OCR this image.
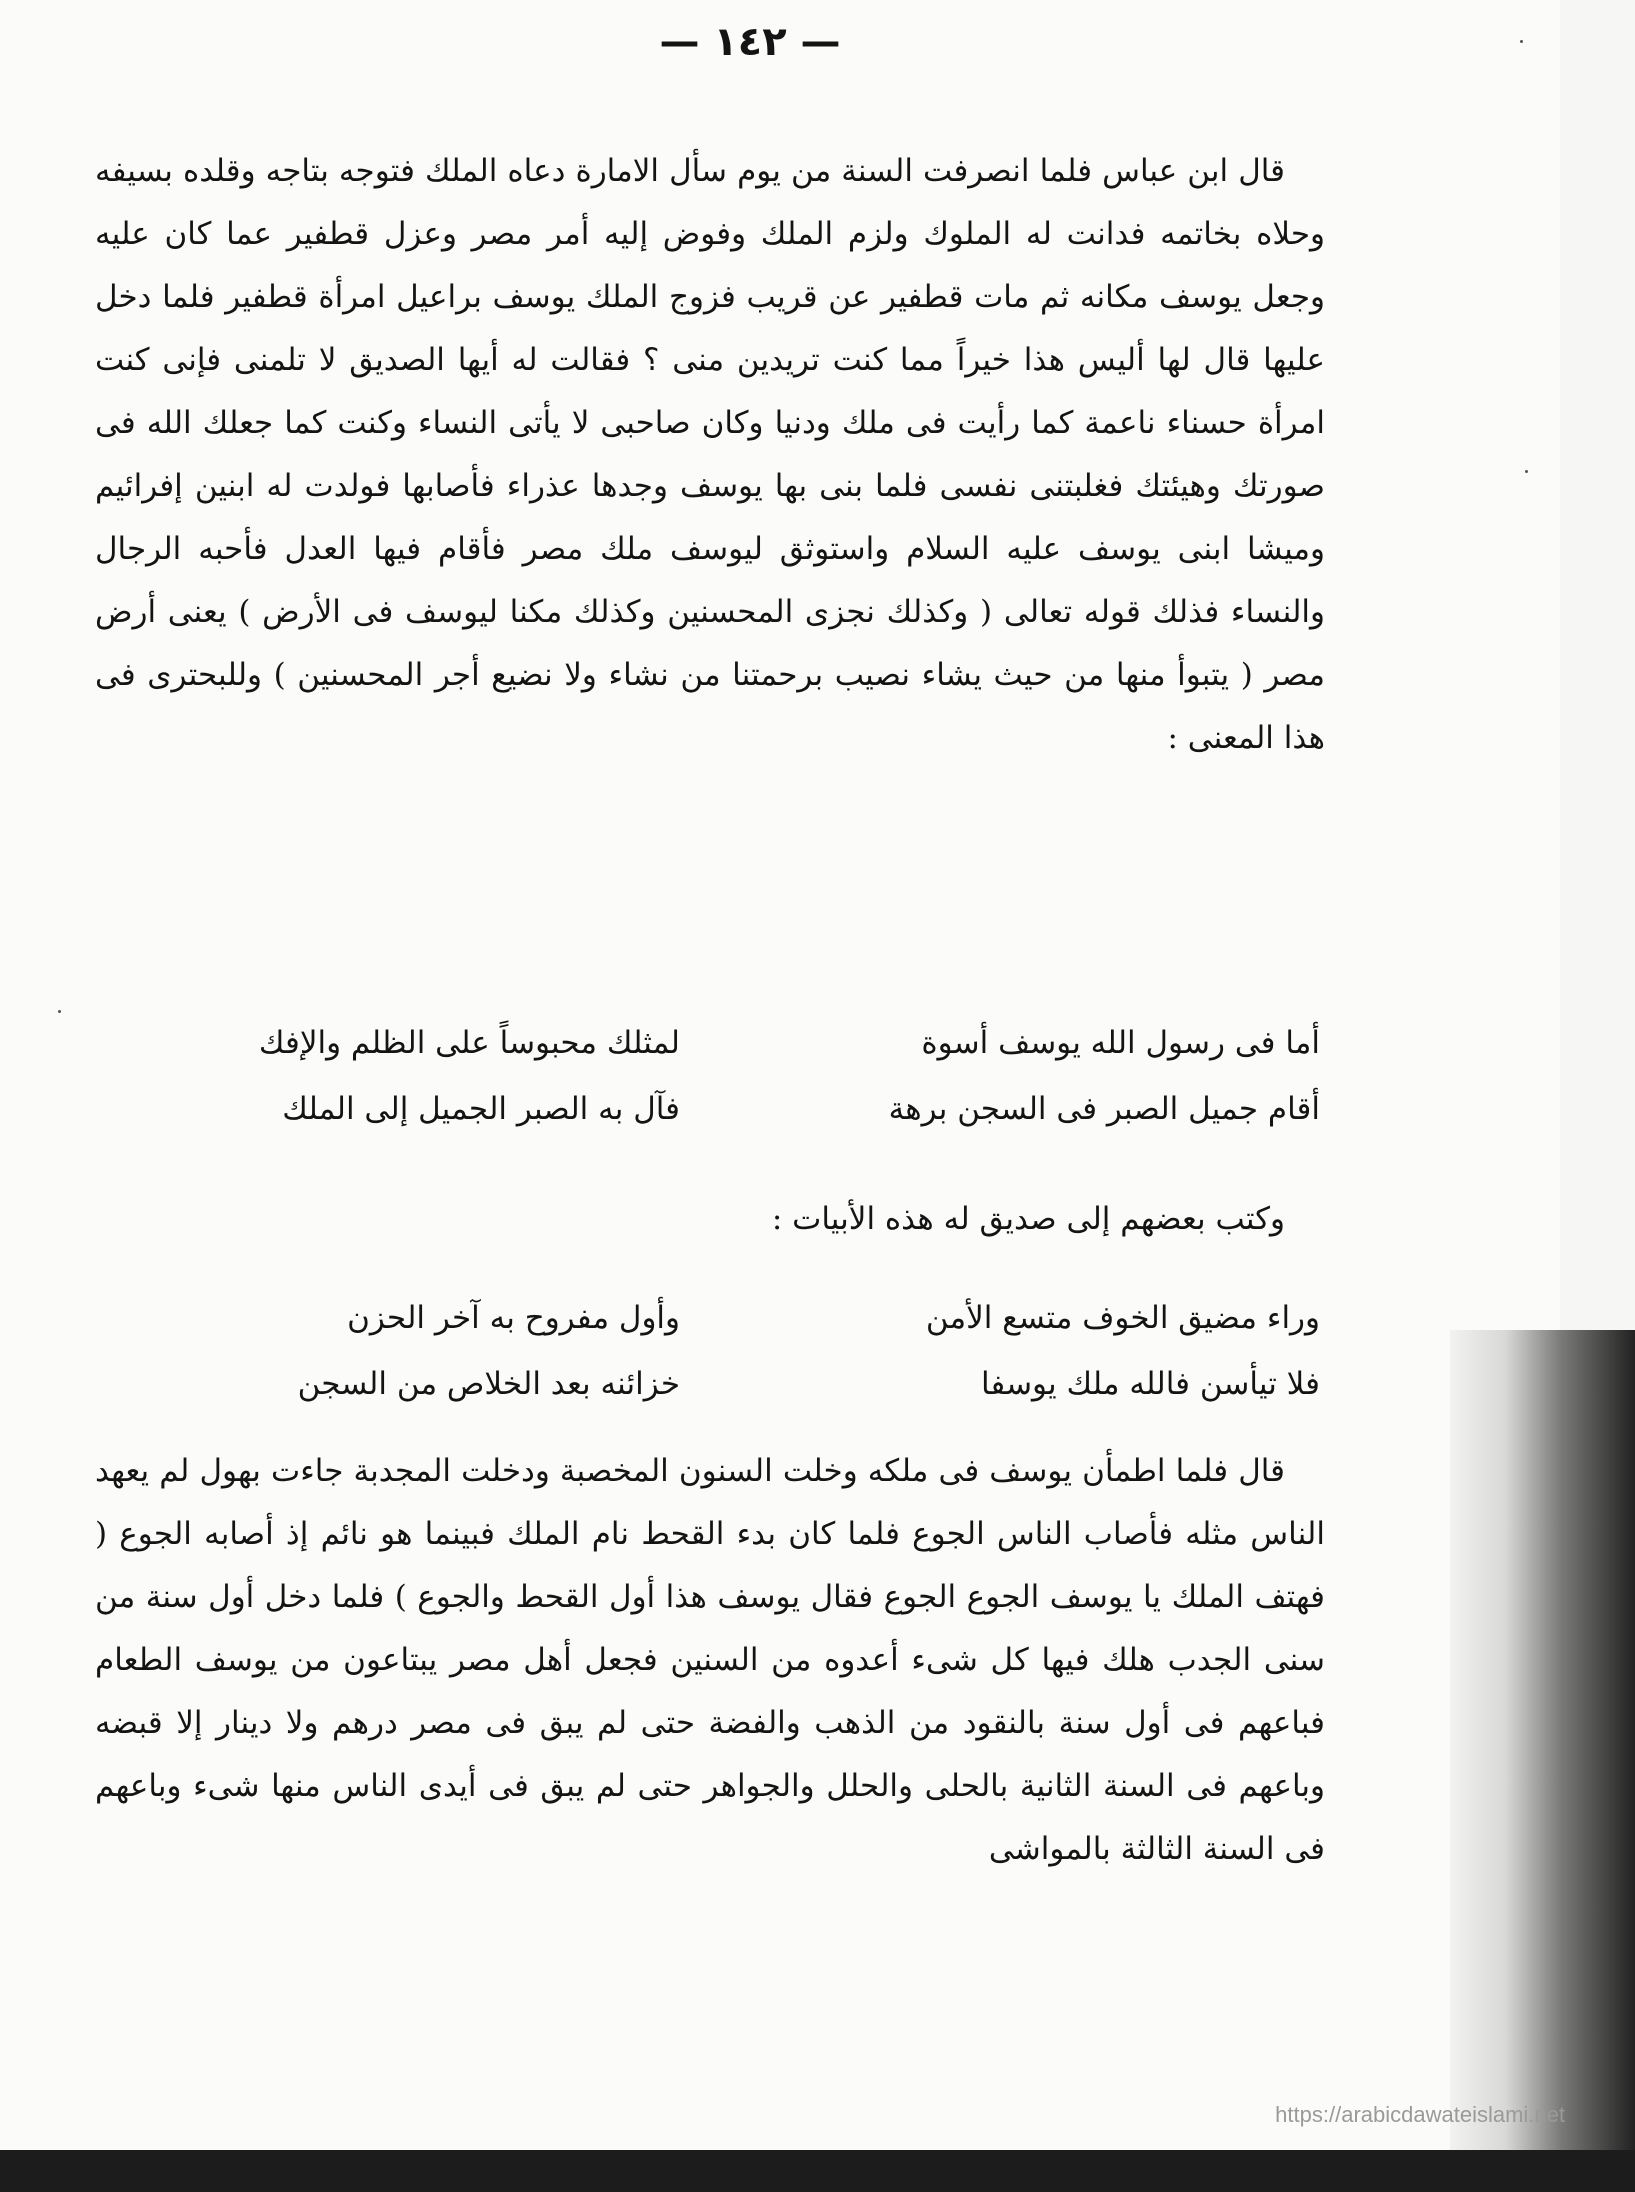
— ١٤٢ —

قال ابن عباس فلما انصرفت السنة من يوم سأل الامارة دعاه الملك فتوجه بتاجه وقلده بسيفه وحلاه بخاتمه فدانت له الملوك ولزم الملك وفوض إليه أمر مصر وعزل قطفير عما كان عليه وجعل يوسف مكانه ثم مات قطفير عن قريب فزوج الملك يوسف براعيل امرأة قطفير فلما دخل عليها قال لها أليس هذا خيراً مما كنت تريدين منى ؟ فقالت له أيها الصديق لا تلمنى فإنى كنت امرأة حسناء ناعمة كما رأيت فى ملك ودنيا وكان صاحبى لا يأتى النساء وكنت كما جعلك الله فى صورتك وهيئتك فغلبتنى نفسى فلما بنى بها يوسف وجدها عذراء فأصابها فولدت له ابنين إفرائيم وميشا ابنى يوسف عليه السلام واستوثق ليوسف ملك مصر فأقام فيها العدل فأحبه الرجال والنساء فذلك قوله تعالى ( وكذلك نجزى المحسنين وكذلك مكنا ليوسف فى الأرض ) يعنى أرض مصر ( يتبوأ منها من حيث يشاء نصيب برحمتنا من نشاء ولا نضيع أجر المحسنين ) وللبحترى فى هذا المعنى :

أما فى رسول الله يوسف أسوة
لمثلك محبوساً على الظلم والإفك
أقام جميل الصبر فى السجن برهة
فآل به الصبر الجميل إلى الملك

وكتب بعضهم إلى صديق له هذه الأبيات :

وراء مضيق الخوف متسع الأمن
وأول مفروح به آخر الحزن
فلا تيأسن فالله ملك يوسفا
خزائنه بعد الخلاص من السجن

قال فلما اطمأن يوسف فى ملكه وخلت السنون المخصبة ودخلت المجدبة جاءت بهول لم يعهد الناس مثله فأصاب الناس الجوع فلما كان بدء القحط نام الملك فبينما هو نائم إذ أصابه الجوع ( فهتف الملك يا يوسف الجوع الجوع فقال يوسف هذا أول القحط والجوع ) فلما دخل أول سنة من سنى الجدب هلك فيها كل شىء أعدوه من السنين فجعل أهل مصر يبتاعون من يوسف الطعام فباعهم فى أول سنة بالنقود من الذهب والفضة حتى لم يبق فى مصر درهم ولا دينار إلا قبضه وباعهم فى السنة الثانية بالحلى والحلل والجواهر حتى لم يبق فى أيدى الناس منها شىء وباعهم فى السنة الثالثة بالمواشى

https://arabicdawateislami.net
